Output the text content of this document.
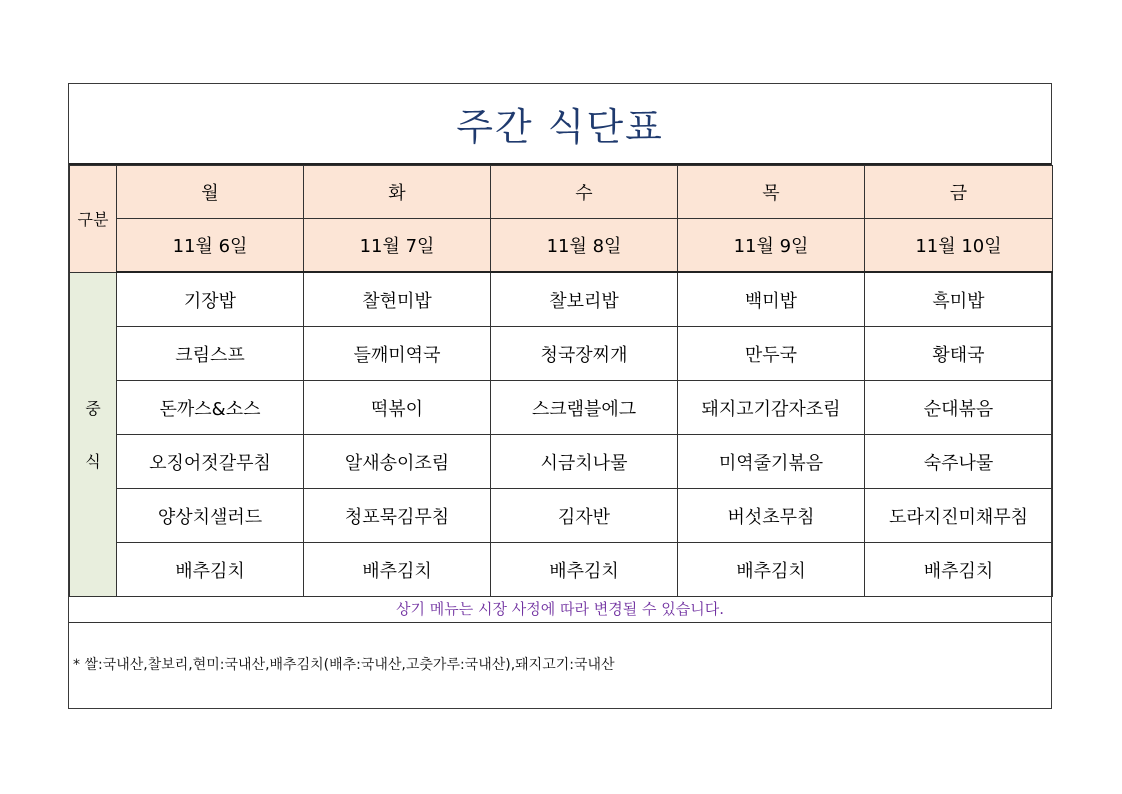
주간 식단표
구분	월	화	수	목	금
	11월 6일	11월 7일	11월 8일	11월 9일	11월 10일

중
식	기장밥	찰현미밥	찰보리밥	백미밥	흑미밥
	크림스프	들깨미역국	청국장찌개	만두국	황태국
	돈까스&소스	떡볶이	스크램블에그	돼지고기감자조림	순대볶음
	오징어젓갈무침	알새송이조림	시금치나물	미역줄기볶음	숙주나물
	양상치샐러드	청포묵김무침	김자반	버섯초무침	도라지진미채무침
	배추김치	배추김치	배추김치	배추김치	배추김치
상기 메뉴는 시장 사정에 따라 변경될 수 있습니다.
* 쌀:국내산,찰보리,현미:국내산,배추김치(배추:국내산,고춧가루:국내산),돼지고기:국내산
